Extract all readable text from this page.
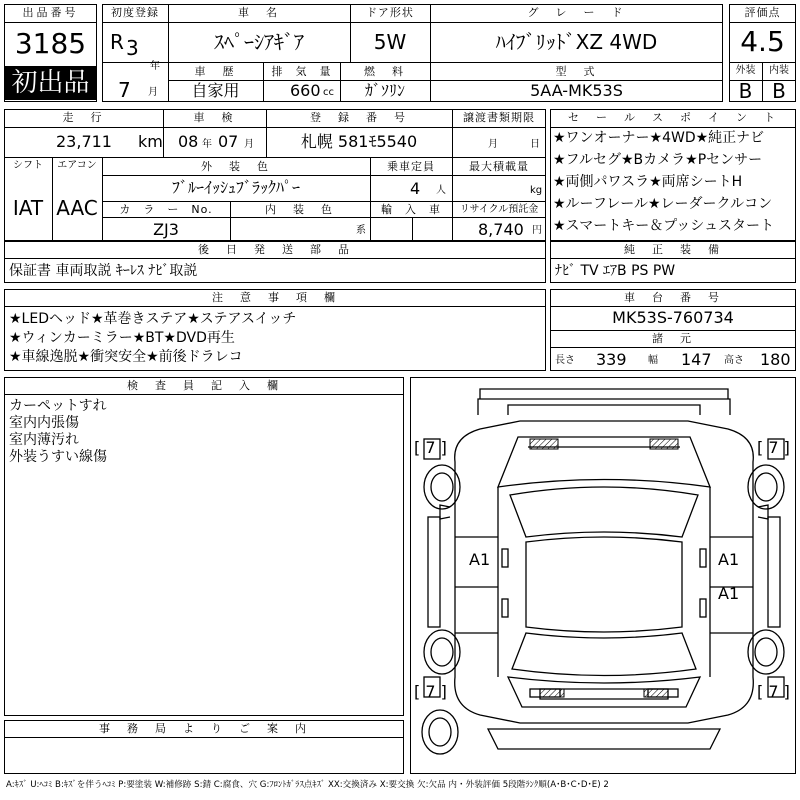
出品番号
3185
初出品
初度登録
R 3
年
7 月
車　名
ｽﾍﾟｰｼｱｷﾞｱ
ドア形状
5W
グ　レ　ー　ド
ﾊｲﾌﾞﾘｯﾄﾞXZ 4WD
車　歴
自家用
排　気　量
660 cc
燃　料
ｶﾞｿﾘﾝ
型　式
5AA-MK53S
評価点
4.5
外装	内装
B B
走　行
23,711 km
車　検
08 年 07 月
登　録　番　号
札幌 581ﾓ5540
譲渡書類期限
月	日
シフト
IAT
エアコン
AAC
外　装　色
ﾌﾞﾙｰｲｯｼｭﾌﾞﾗｯｸﾊﾟｰ
乗車定員
4 人
最大積載量
kg
カ　ラ　ー　No.
ZJ3
内　装　色
系
輸　入　車	リサイクル預託金
8,740 円
セ　ー　ル　ス　ポ　イ　ン　ト
★ワンオーナー★4WD★純正ナビ
★フルセグ★Bカメラ★Pセンサー
★両側パワスラ★両席シートH
★ルーフレール★レーダークルコン
★スマートキー＆プッシュスタート
後　日　発　送　部　品
保証書 車両取説 ｷｰﾚｽ ﾅﾋﾞ取説
純　正　装　備
ﾅﾋﾞ TV ｴｱB PS PW
注　意　事　項　欄
★LEDヘッド★革巻きステア★ステアスイッチ
★ウィンカーミラー★BT★DVD再生
★車線逸脱★衝突安全★前後ドラレコ
車　台　番　号
MK53S-760734
諸　元
長さ 339 幅 147 高さ 180
検　査　員　記　入　欄
カーペットすれ
室内内張傷
室内薄汚れ
外装うすい線傷
事　務　局　よ　り　ご　案　内
[ 7 ]	[ 7 ]
[ 7 ]	[ 7 ]
A1	A1
A1
A:ｷｽﾞ U:ﾍｺﾐ B:ｷｽﾞを伴うﾍｺﾐ P:要塗装 W:補修跡 S:錆 C:腐食、穴 G:ﾌﾛﾝﾄｶﾞﾗｽ点ｷｽﾞ XX:交換済み X:要交換 欠:欠品 内・外装評価 5段階ﾗﾝｸ順(A･B･C･D･E) 2
